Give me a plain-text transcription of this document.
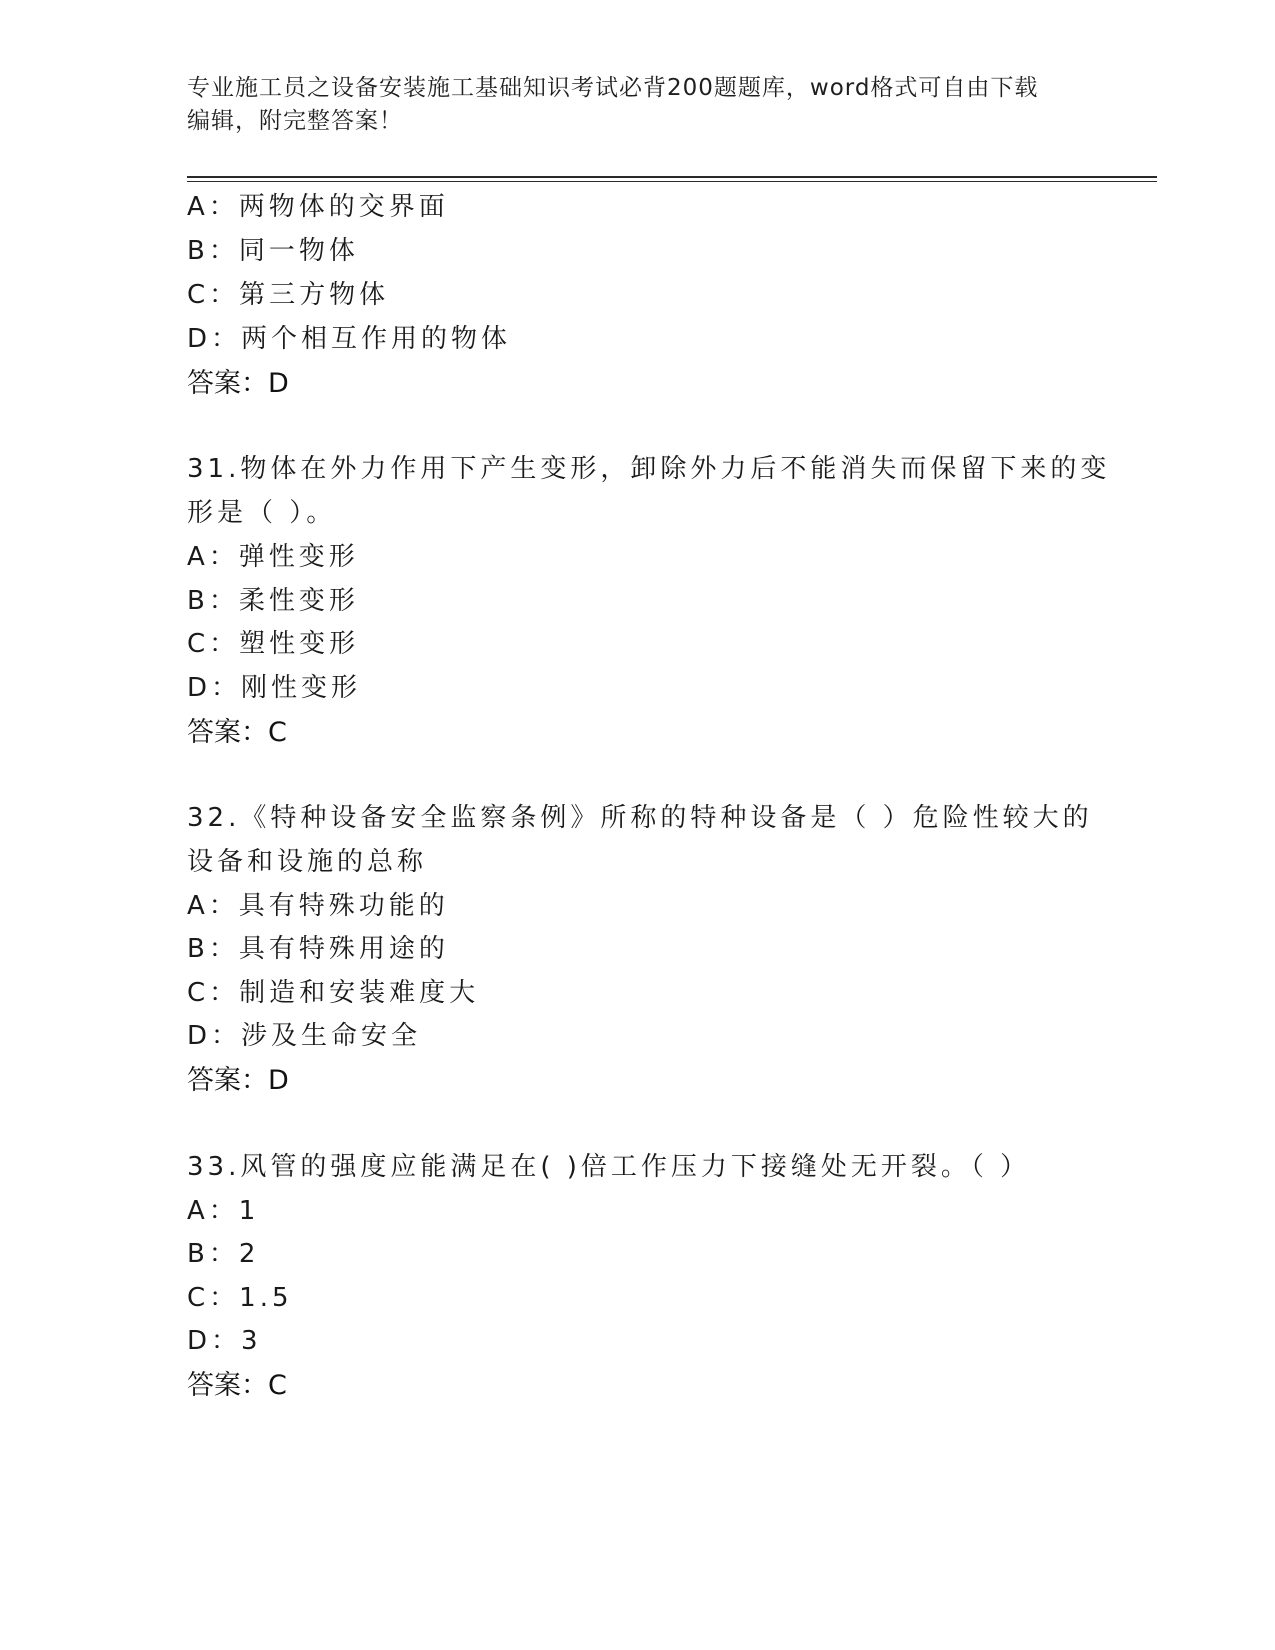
专业施工员之设备安装施工基础知识考试必背200题题库，word格式可自由下载
编辑，附完整答案！
A：两物体的交界面
B：同一物体
C：第三方物体
D：两个相互作用的物体
答案：D
31.物体在外力作用下产生变形，卸除外力后不能消失而保留下来的变
形是（ ）。
A：弹性变形
B：柔性变形
C：塑性变形
D：刚性变形
答案：C
32.《特种设备安全监察条例》所称的特种设备是（ ）危险性较大的
设备和设施的总称
A：具有特殊功能的
B：具有特殊用途的
C：制造和安装难度大
D：涉及生命安全
答案：D
33.风管的强度应能满足在( )倍工作压力下接缝处无开裂。（ ）
A：1
B：2
C：1.5
D：3
答案：C
